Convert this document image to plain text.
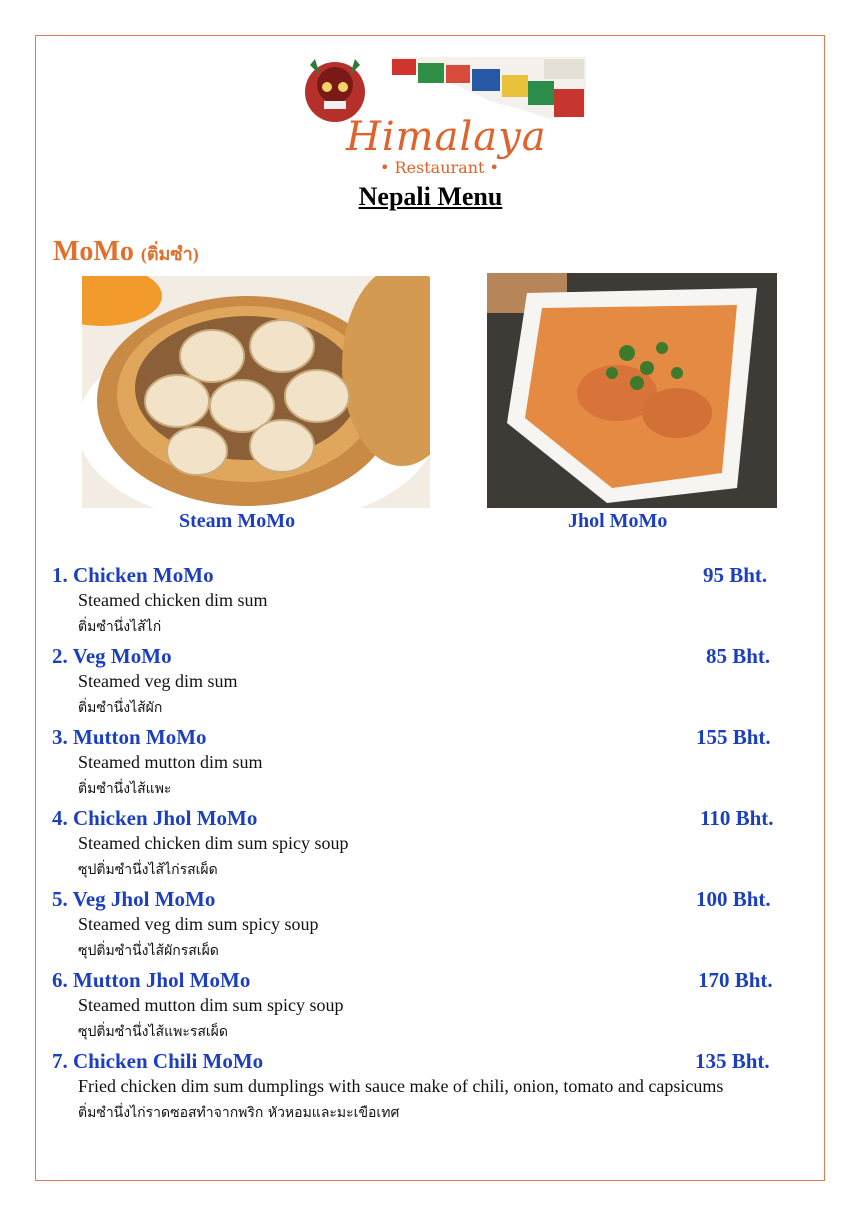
Himalaya
• Restaurant •
Nepali Menu
MoMo (ติ่มซำ)
Steam MoMo	Jhol MoMo
1. Chicken MoMo	95 Bht.
Steamed chicken dim sum
ติ่มซำนึ่งไส้ไก่
2. Veg MoMo	85 Bht.
Steamed veg dim sum
ติ่มซำนึ่งไส้ผัก
3. Mutton MoMo	155 Bht.
Steamed mutton dim sum
ติ่มซำนึ่งไส้แพะ
4. Chicken Jhol MoMo	110 Bht.
Steamed chicken dim sum spicy soup
ซุปติ่มซำนึ่งไส้ไก่รสเผ็ด
5. Veg Jhol MoMo	100 Bht.
Steamed veg dim sum spicy soup
ซุปติ่มซำนึ่งไส้ผักรสเผ็ด
6. Mutton Jhol MoMo	170 Bht.
Steamed mutton dim sum spicy soup
ซุปติ่มซำนึ่งไส้แพะรสเผ็ด
7. Chicken Chili MoMo	135 Bht.
Fried chicken dim sum dumplings with sauce make of chili, onion, tomato and capsicums
ติ่มซำนึ่งไก่ราดซอสทำจากพริก หัวหอมและมะเขือเทศ
